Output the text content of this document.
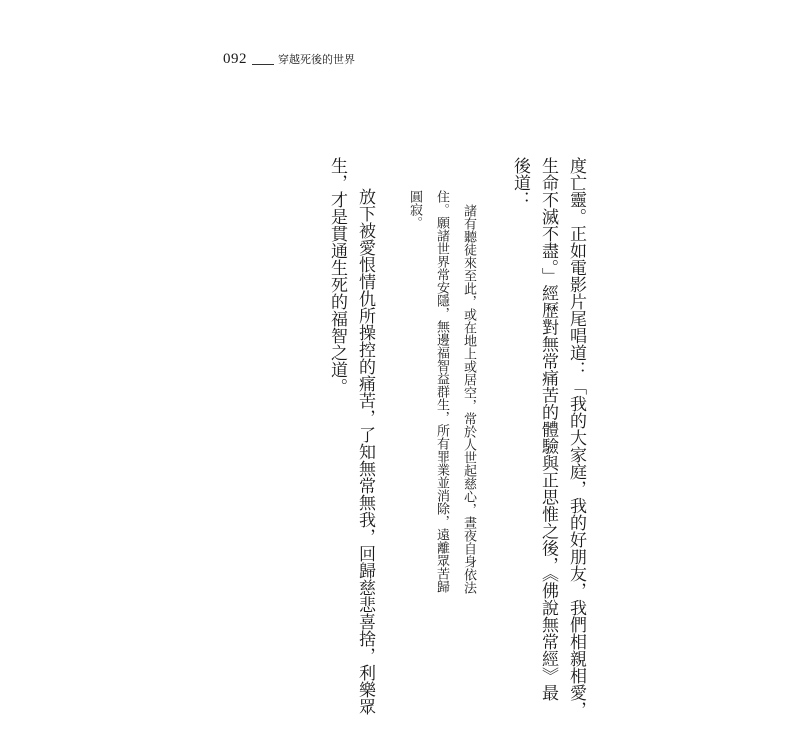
092	穿越死後的世界
度亡靈。正如電影片尾唱道：「我的大家庭，我的好朋友，我們相親相愛，
生命不滅不盡。」經歷對無常痛苦的體驗與正思惟之後，《佛說無常經》最
後道：
諸有聽徒來至此，或在地上或居空，常於人世起慈心，晝夜自身依法
住。願諸世界常安隱，無邊福智益群生，所有罪業並消除，遠離眾苦歸
圓寂。
放下被愛恨情仇所操控的痛苦，了知無常無我，回歸慈悲喜捨，利樂眾
生，才是貫通生死的福智之道。
